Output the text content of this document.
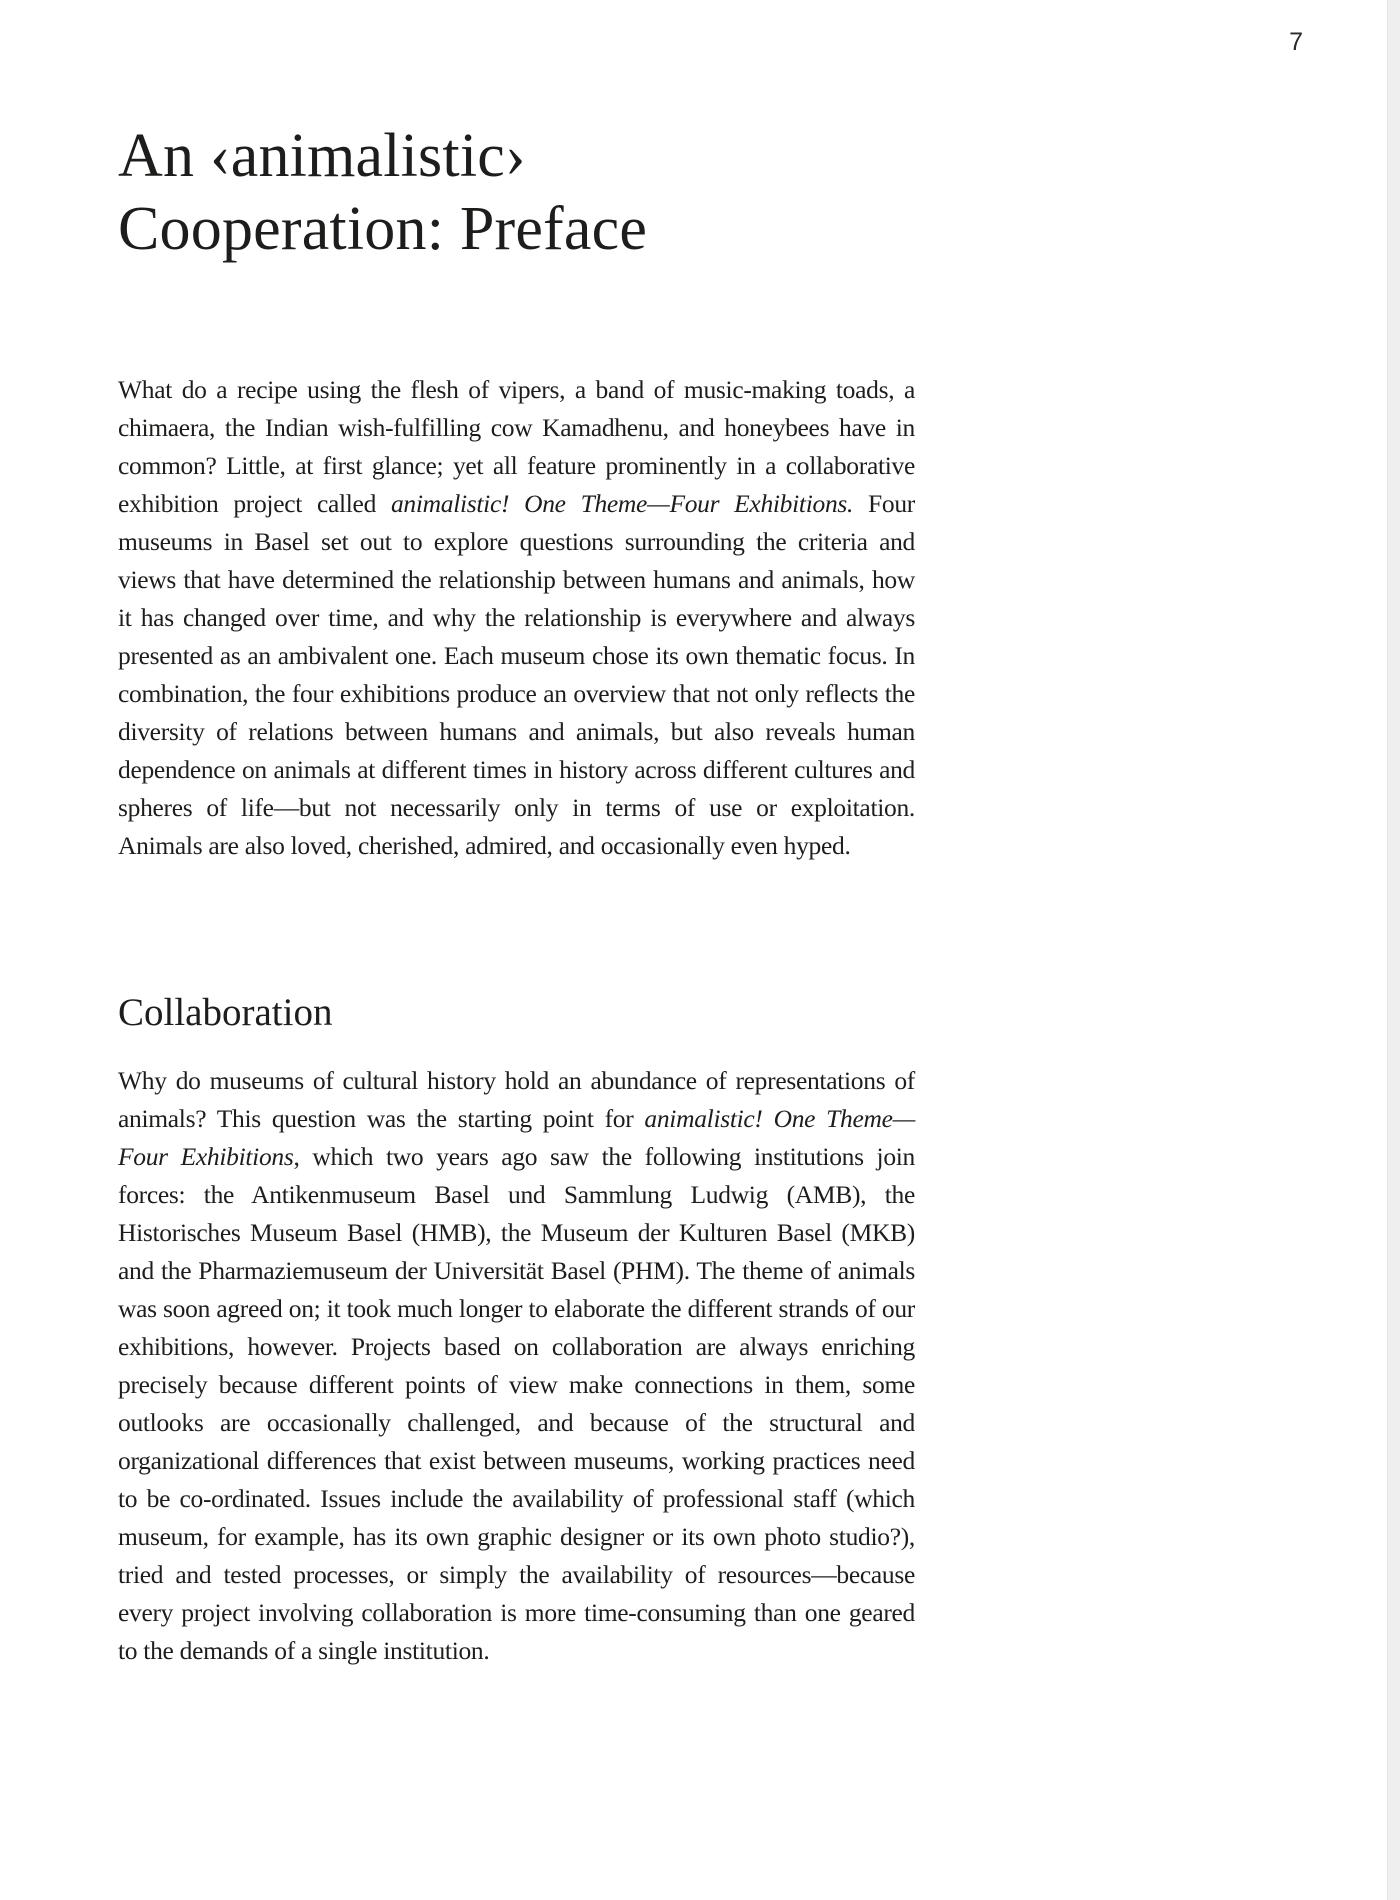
7
An ‹animalistic›
Cooperation: Preface

What do a recipe using the flesh of vipers, a band of music-making toads, a chimaera, the Indian wish-fulfilling cow Kamadhenu, and honeybees have in common? Little, at first glance; yet all feature prominently in a collaborative exhibition project called animalistic! One Theme—Four Exhibitions. Four museums in Basel set out to explore questions surrounding the criteria and views that have determined the relationship between humans and animals, how it has changed over time, and why the relationship is everywhere and always presented as an ambivalent one. Each museum chose its own thematic focus. In combination, the four exhibitions produce an overview that not only reflects the diversity of relations between humans and animals, but also reveals human dependence on animals at different times in history across different cultures and spheres of life—but not necessarily only in terms of use or exploitation. Animals are also loved, cherished, admired, and occasionally even hyped.

Collaboration

Why do museums of cultural history hold an abundance of representations of animals? This question was the starting point for animalistic! One Theme—Four Exhibitions, which two years ago saw the following institutions join forces: the Antikenmuseum Basel und Sammlung Ludwig (AMB), the Historisches Museum Basel (HMB), the Museum der Kulturen Basel (MKB) and the Pharmaziemuseum der Universität Basel (PHM). The theme of animals was soon agreed on; it took much longer to elaborate the different strands of our exhibitions, however. Projects based on collaboration are always enriching precisely because different points of view make connections in them, some outlooks are occasionally challenged, and because of the structural and organizational differences that exist between museums, working practices need to be co-ordinated. Issues include the availability of professional staff (which museum, for example, has its own graphic designer or its own photo studio?), tried and tested processes, or simply the availability of resources—because every project involving collaboration is more time-consuming than one geared to the demands of a single institution.
